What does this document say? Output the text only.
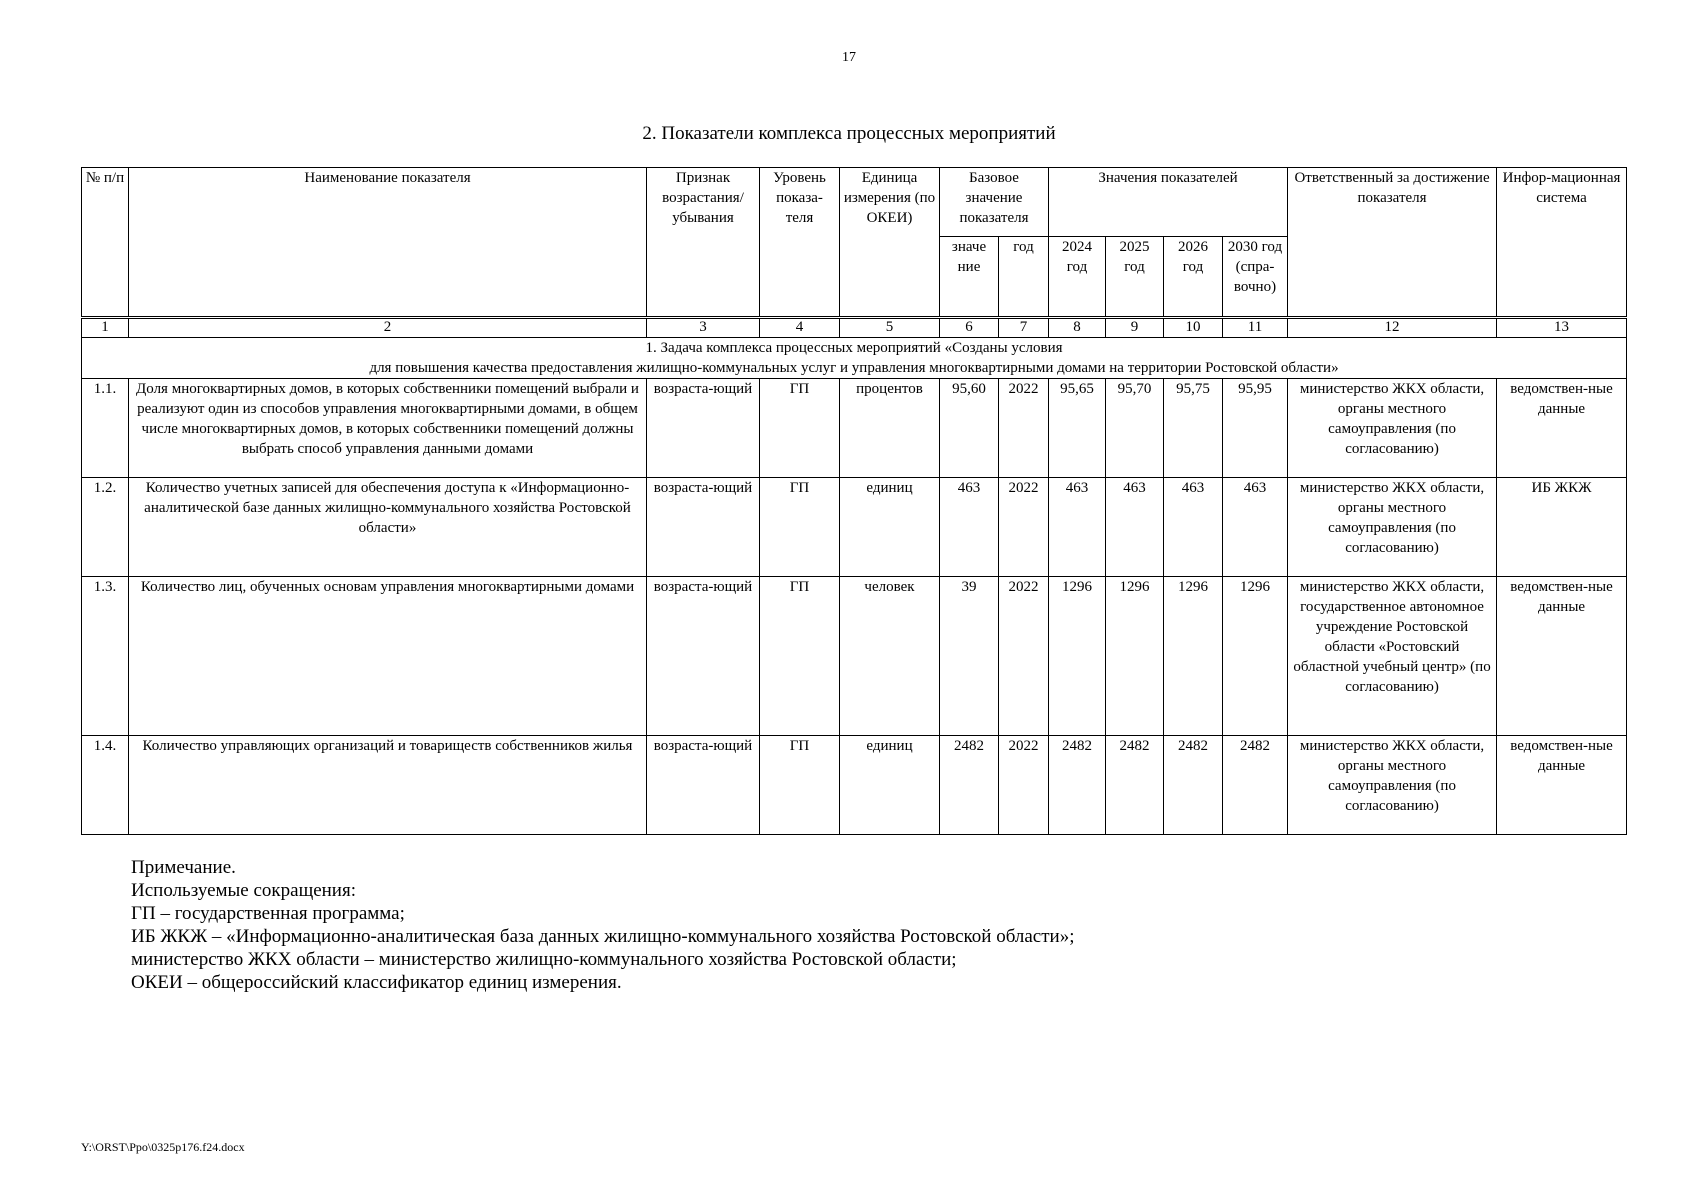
17
2. Показатели комплекса процессных мероприятий
№ п/п	Наименование показателя	Признак возрастания/ убывания	Уровень показа-теля	Единица измерения (по ОКЕИ)	Базовое значение показателя		Значения показателей				Ответственный за достижение показателя	Инфор-мационная система
					значе ние	год	2024 год	2025 год	2026 год	2030 год (спра-вочно)		
1	2	3	4	5	6	7	8	9	10	11	12	13

1. Задача комплекса процессных мероприятий «Созданы условия
для повышения качества предоставления жилищно-коммунальных услуг и управления многоквартирными домами на территории Ростовской области»												

1.1.	Доля многоквартирных домов, в которых собственники помещений выбрали и реализуют один из способов управления многоквартирными домами, в общем числе многоквартирных домов, в которых собственники помещений должны выбрать способ управления данными домами	возраста-ющий	ГП	процентов	95,60	2022	95,65	95,70	95,75	95,95	министерство ЖКХ области, органы местного самоуправления (по согласованию)	ведомствен-ные данные
1.2.	Количество учетных записей для обеспечения доступа к «Информационно-аналитической базе данных жилищно-коммунального хозяйства Ростовской области»	возраста-ющий	ГП	единиц	463	2022	463	463	463	463	министерство ЖКХ области, органы местного самоуправления (по согласованию)	ИБ ЖКЖ
1.3.	Количество лиц, обученных основам управления многоквартирными домами	возраста-ющий	ГП	человек	39	2022	1296	1296	1296	1296	министерство ЖКХ области, государственное автономное учреждение Ростовской области «Ростовский областной учебный центр» (по согласованию)	ведомствен-ные данные
1.4.	Количество управляющих организаций и товариществ собственников жилья	возраста-ющий	ГП	единиц	2482	2022	2482	2482	2482	2482	министерство ЖКХ области, органы местного самоуправления (по согласованию)	ведомствен-ные данные
Примечание.
Используемые сокращения:
ГП – государственная программа;
ИБ ЖКЖ – «Информационно-аналитическая база данных жилищно-коммунального хозяйства Ростовской области»;
министерство ЖКХ области – министерство жилищно-коммунального хозяйства Ростовской области;
ОКЕИ – общероссийский классификатор единиц измерения.
Y:\ORST\Ppo\0325p176.f24.docx
